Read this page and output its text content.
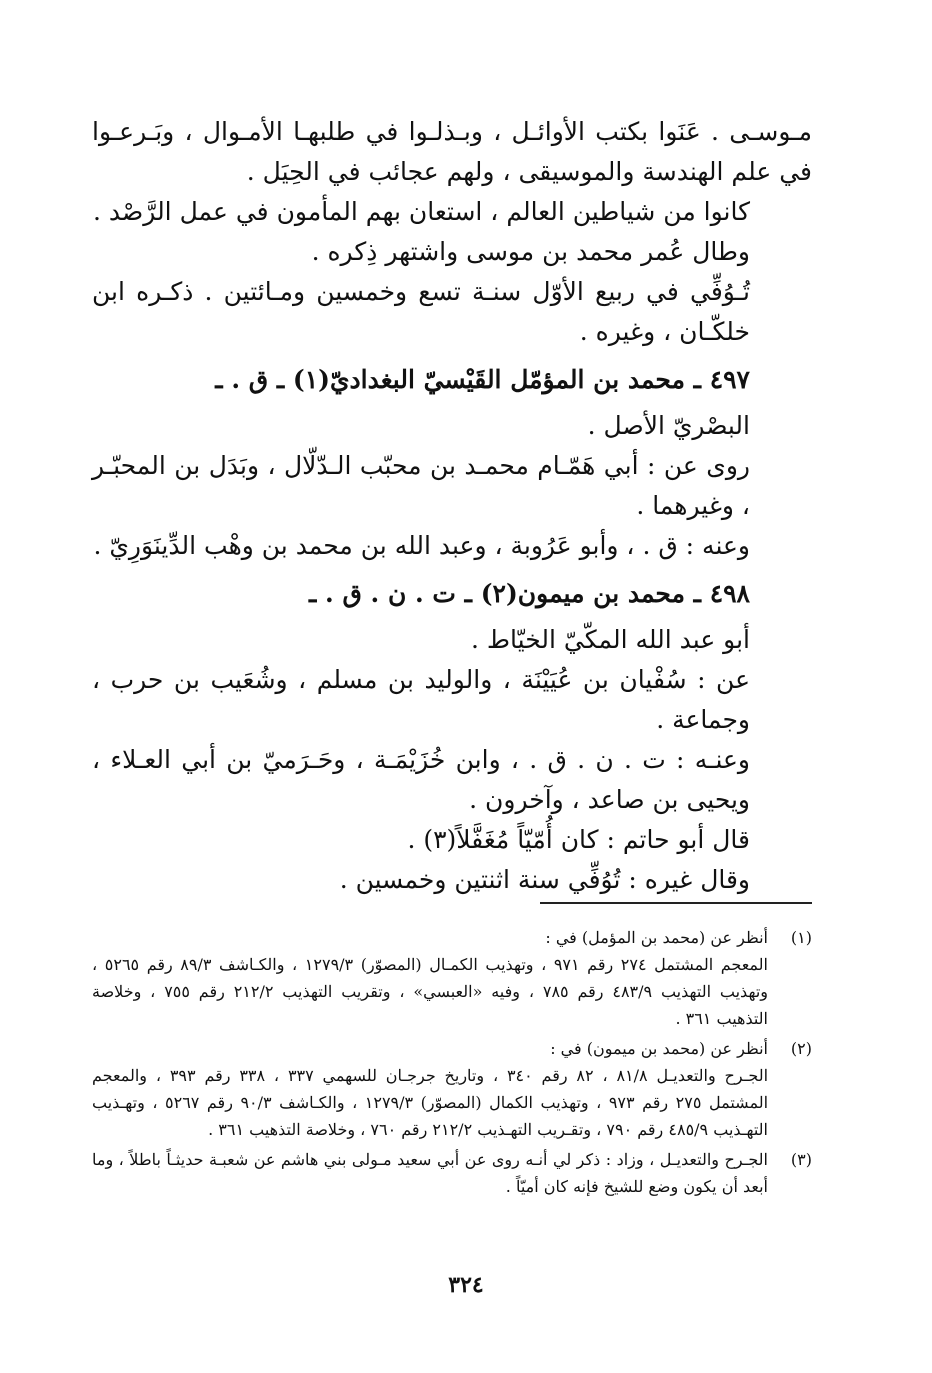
مـوسـى . عَنَوا بكتب الأوائـل ، وبـذلـوا في طلبهـا الأمـوال ، وبَـرعـوا في علم الهندسة والموسيقى ، ولهم عجائب في الحِيَل .

كانوا من شياطين العالم ، استعان بهم المأمون في عمل الرَّصْد .

وطال عُمر محمد بن موسى واشتهر ذِكره .

تُـوُفِّي في ربيع الأوّل سنـة تسع وخمسين ومـائتين . ذكـره ابن خلكّـان ، وغيره .

٤٩٧ ـ محمد بن المؤمّل القَيْسيّ البغداديّ(١) ـ ق . ـ

البصْريّ الأصل .

روى عن : أبي هَمّـام محمـد بن محبّب الـدّلّال ، وبَدَل بن المحبّـر ، وغيرهما .

وعنه : ق . ، وأبو عَرُوبة ، وعبد الله بن محمد بن وهْب الدِّينَوَرِيّ .

٤٩٨ ـ محمد بن ميمون(٢) ـ ت . ن . ق . ـ

أبو عبد الله المكّيّ الخيّاط .

عن : سُفْيان بن عُيَيْنَة ، والوليد بن مسلم ، وشُعَيب بن حرب ، وجماعة .

وعنـه : ت . ن . ق . ، وابن خُزَيْمَـة ، وحَـرَميّ بن أبي العـلاء ، ويحيى بن صاعد ، وآخرون .

قال أبو حاتم : كان أُمّيّاً مُغَفَّلاً(٣) .

وقال غيره : تُوُفِّي سنة اثنتين وخمسين .

(١)

أنظر عن (محمد بن المؤمل) في :

المعجم المشتمل ٢٧٤ رقم ٩٧١ ، وتهذيب الكمـال (المصوّر) ١٢٧٩/٣ ، والكـاشف ٨٩/٣ رقم ٥٢٦٥ ، وتهذيب التهذيب ٤٨٣/٩ رقم ٧٨٥ ، وفيه «العبسي» ، وتقريب التهذيب ٢١٢/٢ رقم ٧٥٥ ، وخلاصة التذهيب ٣٦١ .

(٢)

أنظر عن (محمد بن ميمون) في :

الجـرح والتعديـل ٨١/٨ ، ٨٢ رقم ٣٤٠ ، وتاريخ جرجـان للسهمي ٣٣٧ ، ٣٣٨ رقم ٣٩٣ ، والمعجم المشتمل ٢٧٥ رقم ٩٧٣ ، وتهذيب الكمال (المصوّر) ١٢٧٩/٣ ، والكـاشف ٩٠/٣ رقم ٥٢٦٧ ، وتهـذيب التهـذيب ٤٨٥/٩ رقم ٧٩٠ ، وتقـريب التهـذيب ٢١٢/٢ رقم ٧٦٠ ، وخلاصة التذهيب ٣٦١ .

(٣)

الجـرح والتعديـل ، وزاد : ذكر لي أنـه روى عن أبي سعيد مـولى بني هاشم عن شعبـة حديثـاً باطلاً ، وما أبعد أن يكون وضع للشيخ فإنه كان أميّاً .

٣٢٤
